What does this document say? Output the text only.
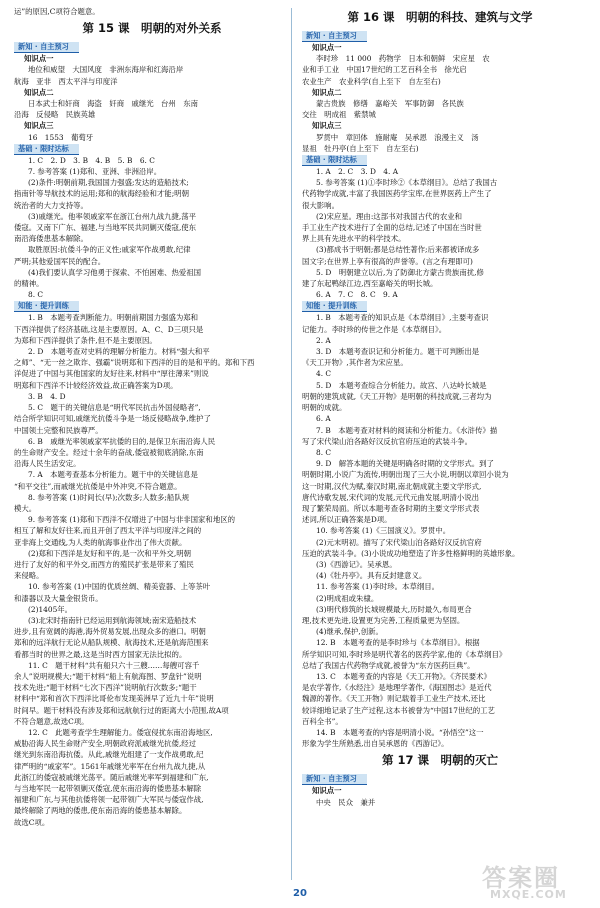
运”的原因,C项符合题意。
第 15 课　明朝的对外关系
新知 · 自主预习
知识点一
地位和威望　大国风度　非洲东海岸和红海沿岸
航海　亚非　西太平洋与印度洋
知识点二
日本武士和奸商　海盗　奸商　戚继光　台州　东南
沿海　反侵略　民族英雄
知识点三
16　1553　葡萄牙
基础 · 限时达标
1. C　2. D　3. B　4. B　5. B　6. C
7. 参考答案 (1)郑和、亚洲、非洲沿岸。
(2)条件:明朝前期,我国国力强盛;发达的造船技术;
指南针等导航技术的运用;郑和的航海经验和才能;明朝
统治者的大力支持等。
(3)戚继光。他率领戚家军在浙江台州九战九捷,荡平
倭寇。又南下广东、福建,与当地军民共同剿灭倭寇,使东
南沿海倭患基本解除。
取胜原因:抗倭斗争的正义性;戚家军作战勇敢,纪律
严明;其他爱国军民的配合。
(4)我们要认真学习他勇于探索、不怕困难、热爱祖国
的精神。
8. C
知能 · 提升训练
1. B　本题考查判断能力。明朝前期国力强盛为郑和
下西洋提供了经济基础,这是主要原因。A、C、D三项只是
为郑和下西洋提供了条件,但不是主要原因。
2. D　本题考查对史料的理解分析能力。材料“强大和平
之师”、“无一丝之欺诈、强霸”说明郑和下西洋的目的是和平的。郑和下西
洋促进了中国与其他国家的友好往来,材料中“厚往薄来”则说
明郑和下西洋不计较经济效益,故正确答案为D项。
3. B　4. D
5. C　题干的关键信息是“明代军民抗击外国侵略者”,
结合所学知识可知,戚继光抗倭斗争是一场反侵略战争,维护了
中国领土完整和民族尊严。
6. B　戚继光率领戚家军抗倭的目的,是保卫东南沿海人民
的生命财产安全。经过十余年的奋战,倭寇被彻底消除,东南
沿海人民生活安定。
7. A　本题考查基本分析能力。题干中的关键信息是
“和平交往”,而戚继光抗倭是中外冲突,不符合题意。
8. 参考答案 (1)时间长(早);次数多;人数多;船队规
模大。
9. 参考答案 (1)郑和下西洋不仅增进了中国与非非国家和地区的
相互了解和友好往来,而且开创了西太平洋与印度洋之间的
亚非海上交通线,为人类的航海事业作出了伟大贡献。
(2)郑和下西洋是友好和平的,是一次和平外交,明朝
进行了友好的和平外交,而西方的殖民扩张是带来了殖民
来侵略。
10. 参考答案 (1)中国的优质丝绸、精美瓷器、上等茶叶
和漆器以及大量金银货币。
(2)1405年。
(3)北宋时指南针已经运用到航海领域;南宋造船技术
进步,且有宽阔的海港,海外贸易发展,出现众多的港口。明朝
郑和的远洋航行无论从船队规模、航海技术,还是航海范围来
看都当时的世界之最,这是当时西方国家无法比拟的。
11. C　题干材料“共有船只六十三艘……每艘可容千
余人”说明规模大;“题干材料“船上有航海图、罗盘针”说明
技术先进;“题干材料“七次下西洋”说明航行次数多;“题干
材料中“郑和首次下西洋比哥伦布发现美洲早了近九十年”说明
时间早。题干材料没有涉及郑和远航航行过的距离大小范围,故A项
不符合题意,故选C项。
12. C　此题考查学生理解能力。倭寇侵扰东南沿海地区,
威胁沿海人民生命财产安全,明朝政府派戚继光抗倭,经过
继光到东南沿海抗倭。从此,戚继光组建了一支作战勇敢,纪
律严明的“戚家军”。1561年戚继光率军在台州九战九捷,从
此浙江的倭寇被戚继光荡平。随后戚继光率军到福建和广东,
与当地军民一起带领剿灭倭寇,使东南沿海的倭患基本解除
福建和广东,与其他抗倭将领一起带领广大军民与倭寇作战,
最终解除了两地的倭患,使东南沿海的倭患基本解除。
故选C项。
第 16 课　明朝的科技、建筑与文学
新知 · 自主预习
知识点一
李时珍　11 000　药物学　日本和朝鲜　宋应星　农
业和手工业　中国17世纪的工艺百科全书　徐光启
农业生产　农业科学(自上至下　自左至右)
知识点二
蒙古贵族　修缮　嘉峪关　军事防御　各民族
交往　明成祖　紫禁城
知识点三
罗贯中　章回体　施耐庵　吴承恩　浪漫主义　汤
显祖　牡丹亭(自上至下　自左至右)
基础 · 限时达标
1. A　2. C　3. D　4. A
5. 参考答案 (1)①李时珍②《本草纲目》。总结了我国古
代药物学成就,丰富了我国医药学宝库,在世界医药上产生了
很大影响。
(2)宋应星。理由:这部书对我国古代的农业和
手工业生产技术进行了全面的总结,记述了中国在当时世
界上具有先进水平的科学技术。
(3)都成书于明朝;都是总结性著作;后来都被译成多
国文字;在世界上享有很高的声誉等。(言之有理即可)
5. D　明朝建立以后,为了防御北方蒙古贵族南扰,修
建了东起鸭绿江边,西至嘉峪关的明长城。
6. A　7. C　8. C　9. A
知能 · 提升训练
1. B　本题考查的知识点是《本草纲目》,主要考查识
记能力。李时珍的传世之作是《本草纲目》。
2. A
3. D　本题考查识记和分析能力。题干可判断出是
《天工开物》,其作者为宋应星。
4. C
5. D　本题考查综合分析能力。故宫、八达岭长城是
明朝的建筑成就,《天工开物》是明朝的科技成就,三者均为
明朝的成就。
6. A
7. B　本题考查对材料的阅读和分析能力。《水浒传》描
写了宋代梁山泊各路好汉反抗官府压迫的武装斗争。
8. C
9. D　解答本题的关键是明确各时期的文学形式。到了
明朝时期,小说广为流传,明朝出现了三大小说,明朝以章回小说为
这一时期,汉代为赋,秦汉时期,南北朝成就主要文学形式,
唐代诗歌发展,宋代词的发展,元代元曲发展,明清小说出
现了繁荣局面。所以本题考查各时期的主要文学形式表
述词,所以正确答案是D项。
10. 参考答案 (1)《三国演义》。罗贯中。
(2)元末明初。描写了宋代梁山泊各路好汉反抗官府
压迫的武装斗争。(3)小说成功地塑造了许多性格鲜明的英雄形象。
(3)《西游记》。吴承恩。
(4)《牡丹亭》。具有反封建意义。
11. 参考答案 (1)李时珍。本草纲目。
(2)明成祖或朱棣。
(3)明代修筑的长城规模最大,历时最久,布局更合
理,技术更先进,设置更为完善,工程质量更为坚固。
(4)继承,保护,创新。
12. B　本题考查的是李时珍与《本草纲目》。根据
所学知识可知,李时珍是明代著名的医药学家,他的《本草纲目》
总结了我国古代药物学成就,被誉为“东方医药巨典”。
13. C　本题考查的内容是《天工开物》。《齐民要术》
是农学著作,《水经注》是地理学著作,《海国图志》是近代
魏源的著作。《天工开物》则记载着手工业生产技术,还比
较详细地记录了生产过程,这本书被誉为“中国17世纪的工艺
百科全书”。
14. B　本题考查的内容是明清小说。“孙悟空”这一
形象为学生所熟悉,出自吴承恩的《西游记》。
第 17 课　明朝的灭亡
新知 · 自主预习
知识点一
中央　民众　兼并
20
答案圈
MXQE.COM
